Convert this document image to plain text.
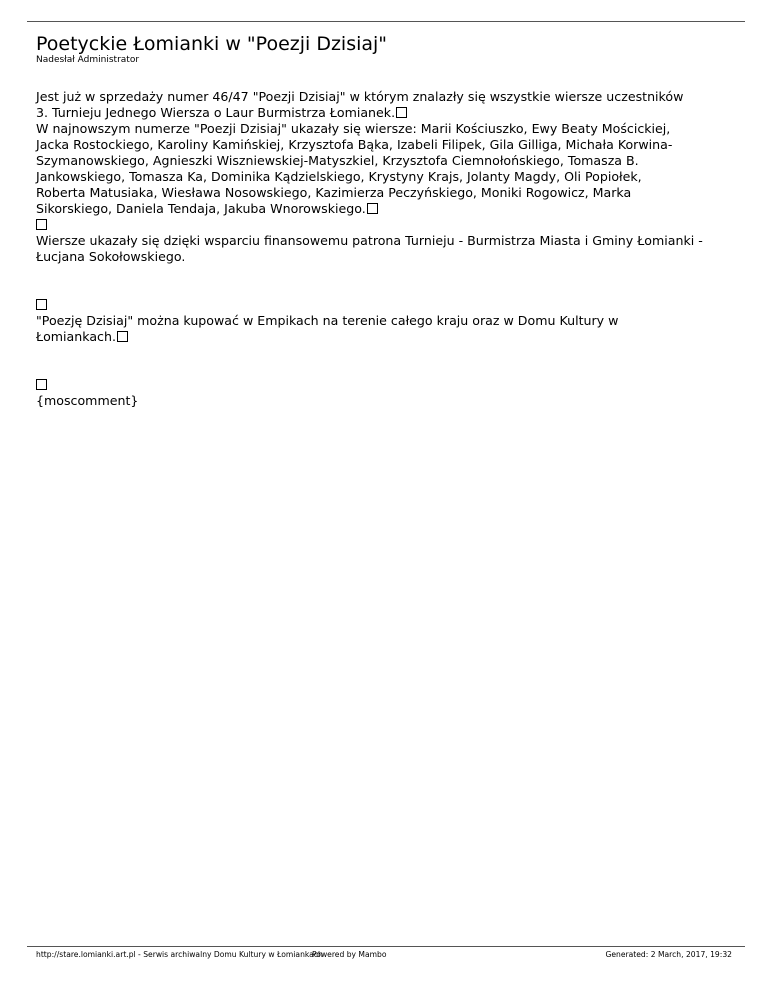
Poetyckie Łomianki w "Poezji Dzisiaj"
Nadesłał Administrator
Jest już w sprzedaży numer 46/47 "Poezji Dzisiaj" w którym znalazły się wszystkie wiersze uczestników
3. Turnieju Jednego Wiersza o Laur Burmistrza Łomianek.
W najnowszym numerze "Poezji Dzisiaj" ukazały się wiersze: Marii Kościuszko, Ewy Beaty Mościckiej,
Jacka Rostockiego, Karoliny Kamińskiej, Krzysztofa Bąka, Izabeli Filipek, Gila Gilliga, Michała Korwina-
Szymanowskiego, Agnieszki Wiszniewskiej-Matyszkiel, Krzysztofa Ciemnołońskiego, Tomasza B.
Jankowskiego, Tomasza Ka, Dominika Kądzielskiego, Krystyny Krajs, Jolanty Magdy, Oli Popiołek,
Roberta Matusiaka, Wiesława Nosowskiego, Kazimierza Peczyńskiego, Moniki Rogowicz, Marka
Sikorskiego, Daniela Tendaja, Jakuba Wnorowskiego.
Wiersze ukazały się dzięki wsparciu finansowemu patrona Turnieju - Burmistrza Miasta i Gminy Łomianki -
Łucjana Sokołowskiego.
"Poezję Dzisiaj" można kupować w Empikach na terenie całego kraju oraz w Domu Kultury w
Łomiankach.
{moscomment}
http://stare.lomianki.art.pl - Serwis archiwalny Domu Kultury w Łomiankach
Powered by Mambo	Generated: 2 March, 2017, 19:32
